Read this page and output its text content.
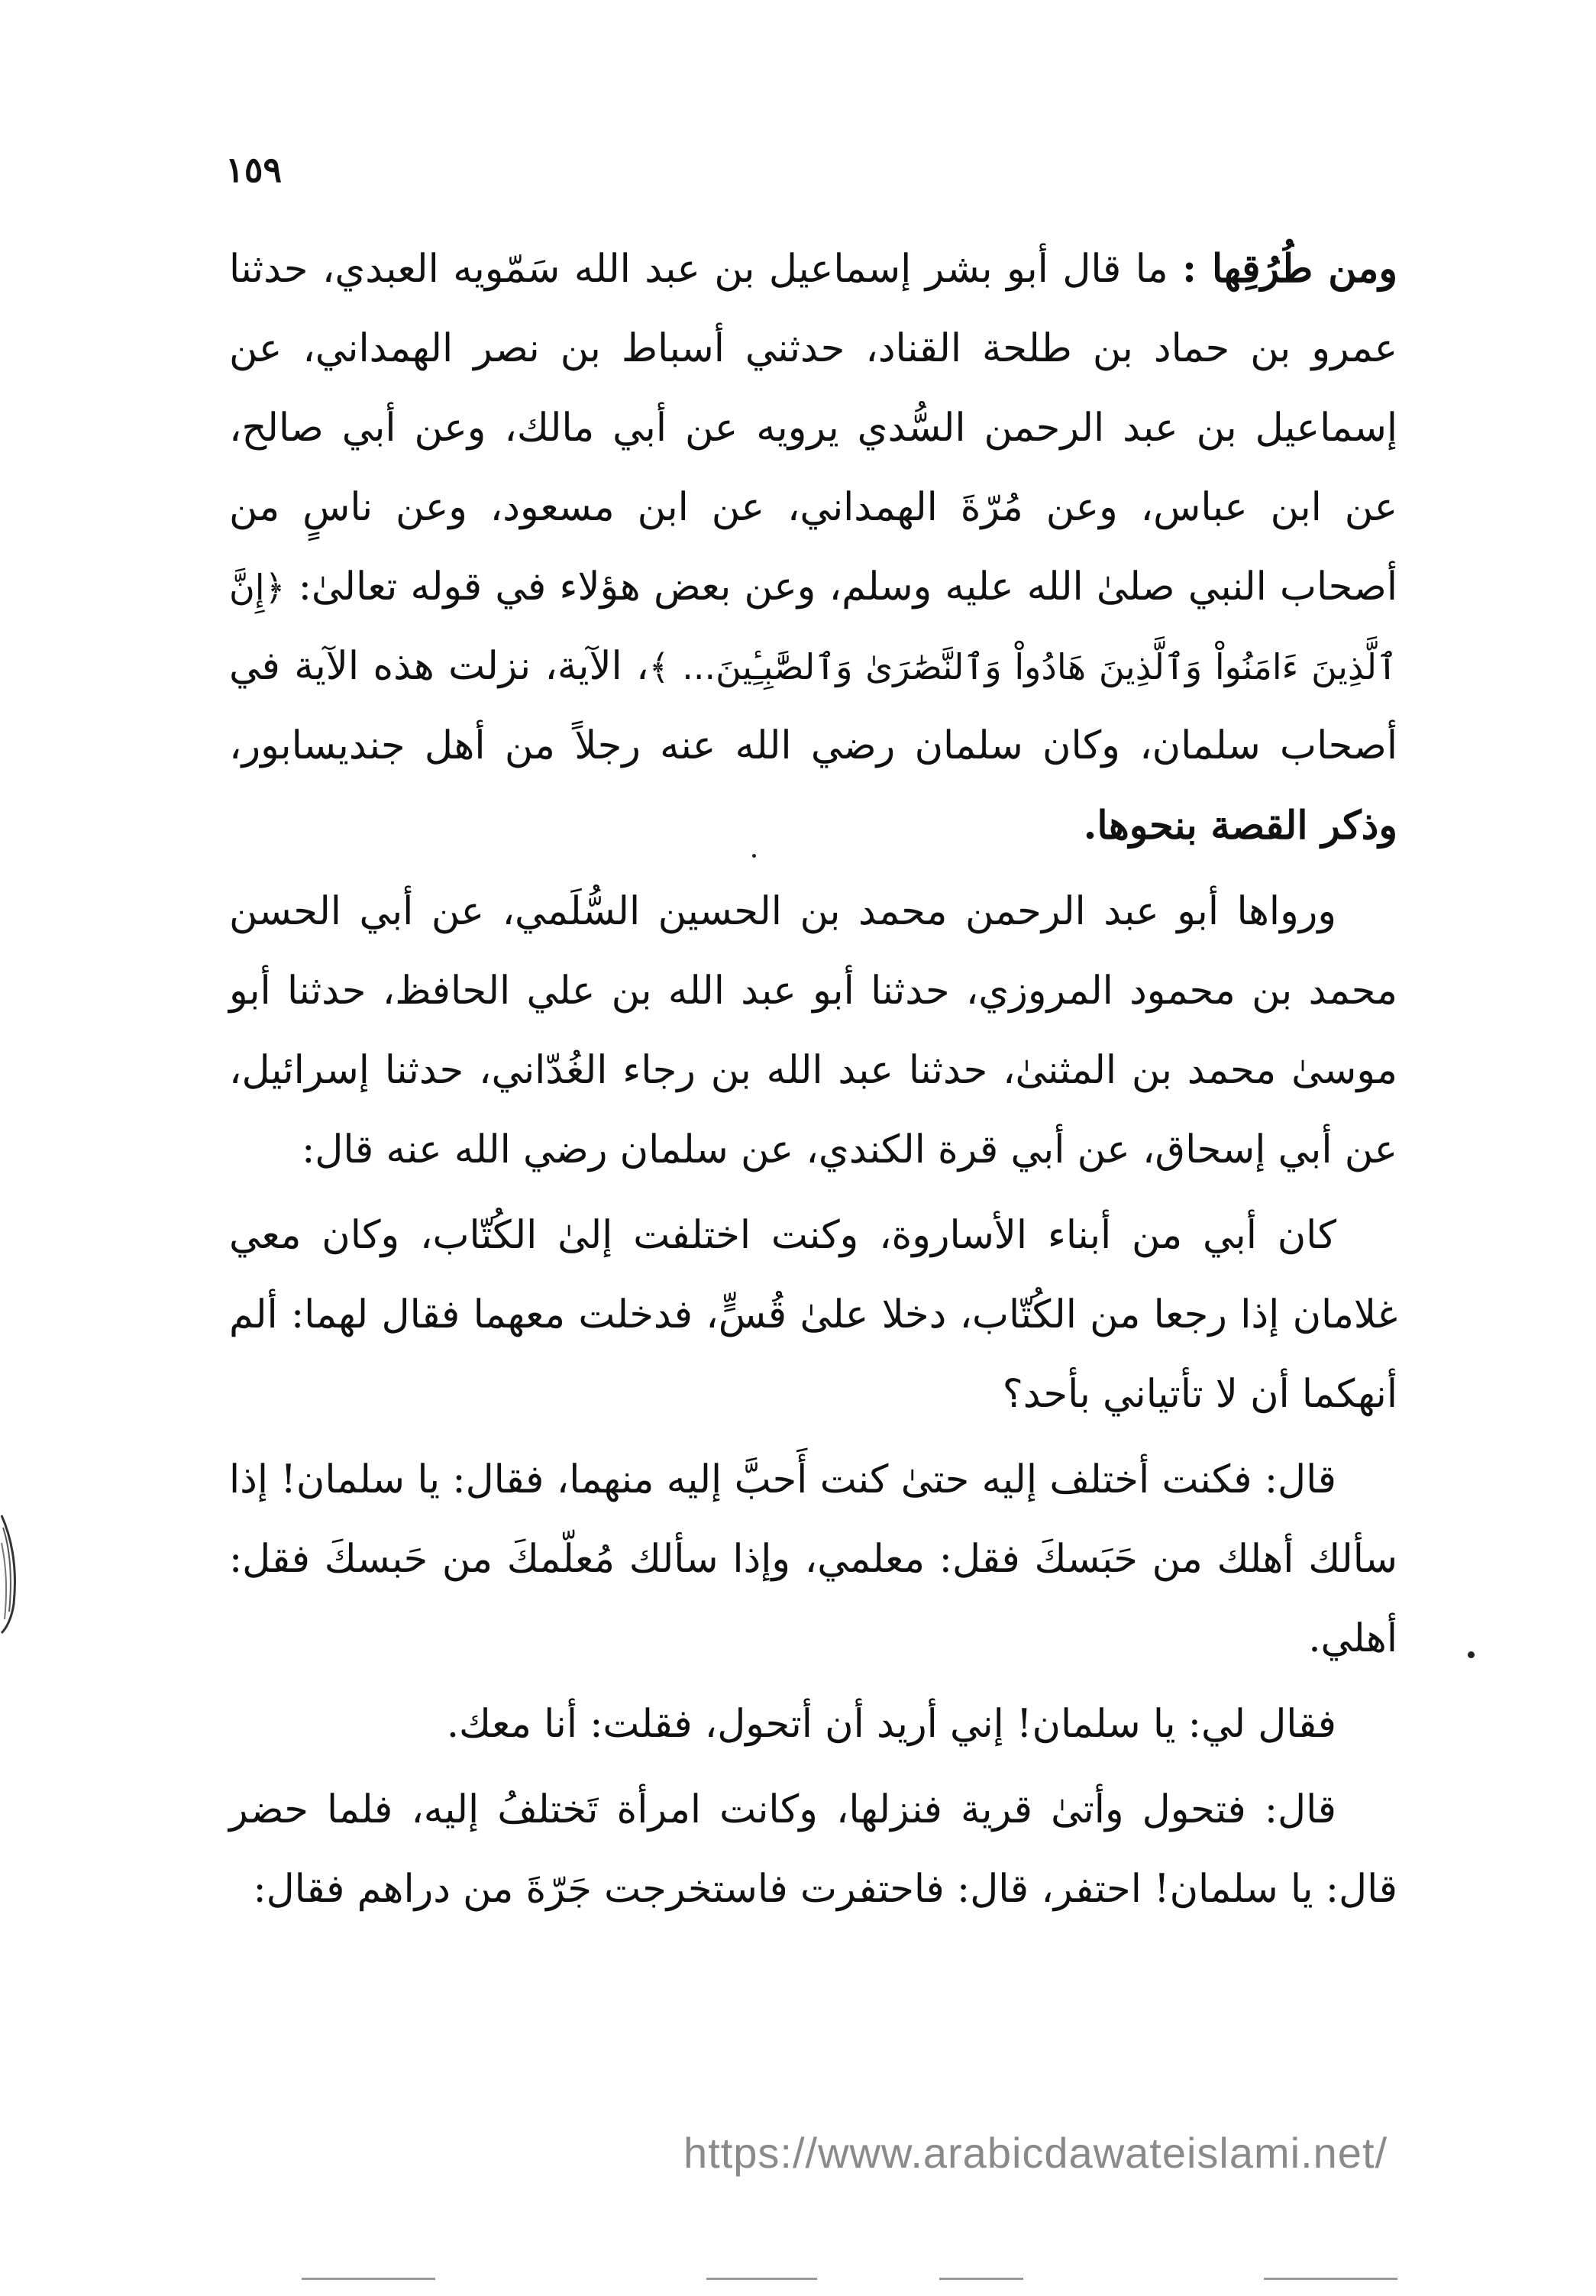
١٥٩

ومن طُرُقِها : ما قال أبو بشر إسماعيل بن عبد الله سَمّويه العبدي، حدثنا عمرو بن حماد بن طلحة القناد، حدثني أسباط بن نصر الهمداني، عن إسماعيل بن عبد الرحمن السُّدي يرويه عن أبي مالك، وعن أبي صالح، عن ابن عباس، وعن مُرّةَ الهمداني، عن ابن مسعود، وعن ناسٍ من أصحاب النبي صلىٰ الله عليه وسلم، وعن بعض هؤلاء في قوله تعالىٰ: ﴿إِنَّ ٱلَّذِينَ ءَامَنُواْ وَٱلَّذِينَ هَادُواْ وَٱلنَّصَٰرَىٰ وَٱلصَّٰبِـِٔينَ... ﴾، الآية، نزلت هذه الآية في أصحاب سلمان، وكان سلمان رضي الله عنه رجلاً من أهل جنديسابور، وذكر القصة بنحوها.

ورواها أبو عبد الرحمن محمد بن الحسين السُّلَمي، عن أبي الحسن محمد بن محمود المروزي، حدثنا أبو عبد الله بن علي الحافظ، حدثنا أبو موسىٰ محمد بن المثنىٰ، حدثنا عبد الله بن رجاء الغُدّاني، حدثنا إسرائيل، عن أبي إسحاق، عن أبي قرة الكندي، عن سلمان رضي الله عنه قال:

كان أبي من أبناء الأساروة، وكنت اختلفت إلىٰ الكُتّاب، وكان معي غلامان إذا رجعا من الكُتّاب، دخلا علىٰ قُسٍّ، فدخلت معهما فقال لهما: ألم أنهكما أن لا تأتياني بأحد؟

قال: فكنت أختلف إليه حتىٰ كنت أَحبَّ إليه منهما، فقال: يا سلمان! إذا سألك أهلك من حَبَسكَ فقل: معلمي، وإذا سألك مُعلّمكَ من حَبسكَ فقل: أهلي.

فقال لي: يا سلمان! إني أريد أن أتحول، فقلت: أنا معك.

قال: فتحول وأتىٰ قرية فنزلها، وكانت امرأة تَختلفُ إليه، فلما حضر قال: يا سلمان! احتفر، قال: فاحتفرت فاستخرجت جَرّةَ من دراهم فقال:

https://www.arabicdawateislami.net/
